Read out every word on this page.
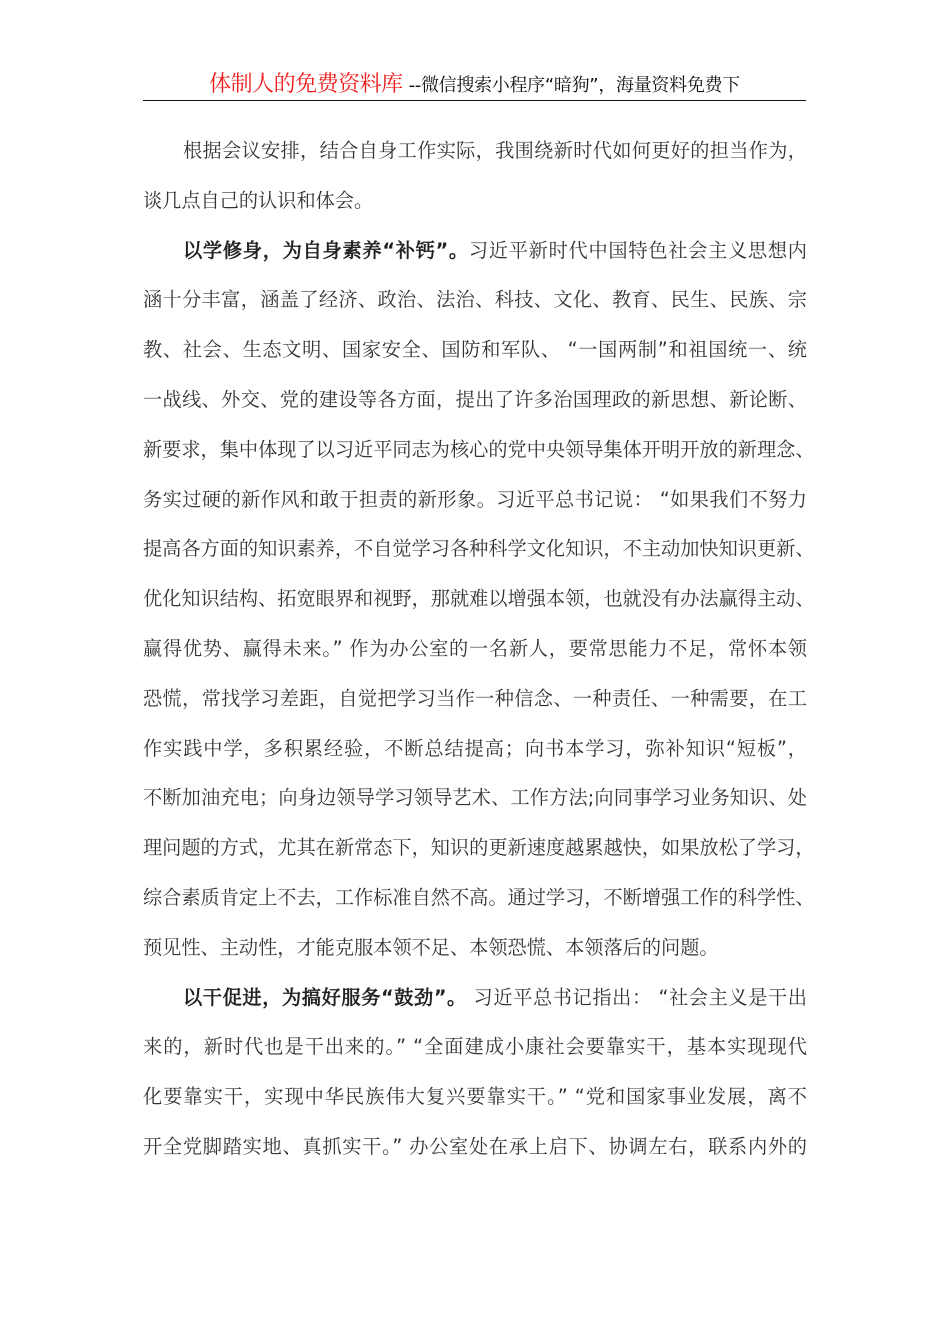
体制人的免费资料库 --微信搜索小程序“暗狗”，海量资料免费下
根据会议安排，结合自身工作实际，我围绕新时代如何更好的担当作为，
谈几点自己的认识和体会。
以学修身，为自身素养“补钙”。习近平新时代中国特色社会主义思想内
涵十分丰富，涵盖了经济、政治、法治、科技、文化、教育、民生、民族、宗
教、社会、生态文明、国家安全、国防和军队、 “一国两制”和祖国统一、统
一战线、外交、党的建设等各方面，提出了许多治国理政的新思想、新论断、
新要求，集中体现了以习近平同志为核心的党中央领导集体开明开放的新理念、
务实过硬的新作风和敢于担责的新形象。习近平总书记说： “如果我们不努力
提高各方面的知识素养，不自觉学习各种科学文化知识，不主动加快知识更新、
优化知识结构、拓宽眼界和视野，那就难以增强本领，也就没有办法赢得主动、
赢得优势、赢得未来。” 作为办公室的一名新人，要常思能力不足，常怀本领
恐慌，常找学习差距，自觉把学习当作一种信念、一种责任、一种需要，在工
作实践中学，多积累经验，不断总结提高；向书本学习，弥补知识“短板”，
不断加油充电；向身边领导学习领导艺术、工作方法;向同事学习业务知识、处
理问题的方式，尤其在新常态下，知识的更新速度越累越快，如果放松了学习，
综合素质肯定上不去，工作标准自然不高。通过学习，不断增强工作的科学性、
预见性、主动性，才能克服本领不足、本领恐慌、本领落后的问题。
以干促进，为搞好服务“鼓劲”。 习近平总书记指出： “社会主义是干出
来的，新时代也是干出来的。” “全面建成小康社会要靠实干，基本实现现代
化要靠实干，实现中华民族伟大复兴要靠实干。” “党和国家事业发展，离不
开全党脚踏实地、真抓实干。” 办公室处在承上启下、协调左右，联系内外的
